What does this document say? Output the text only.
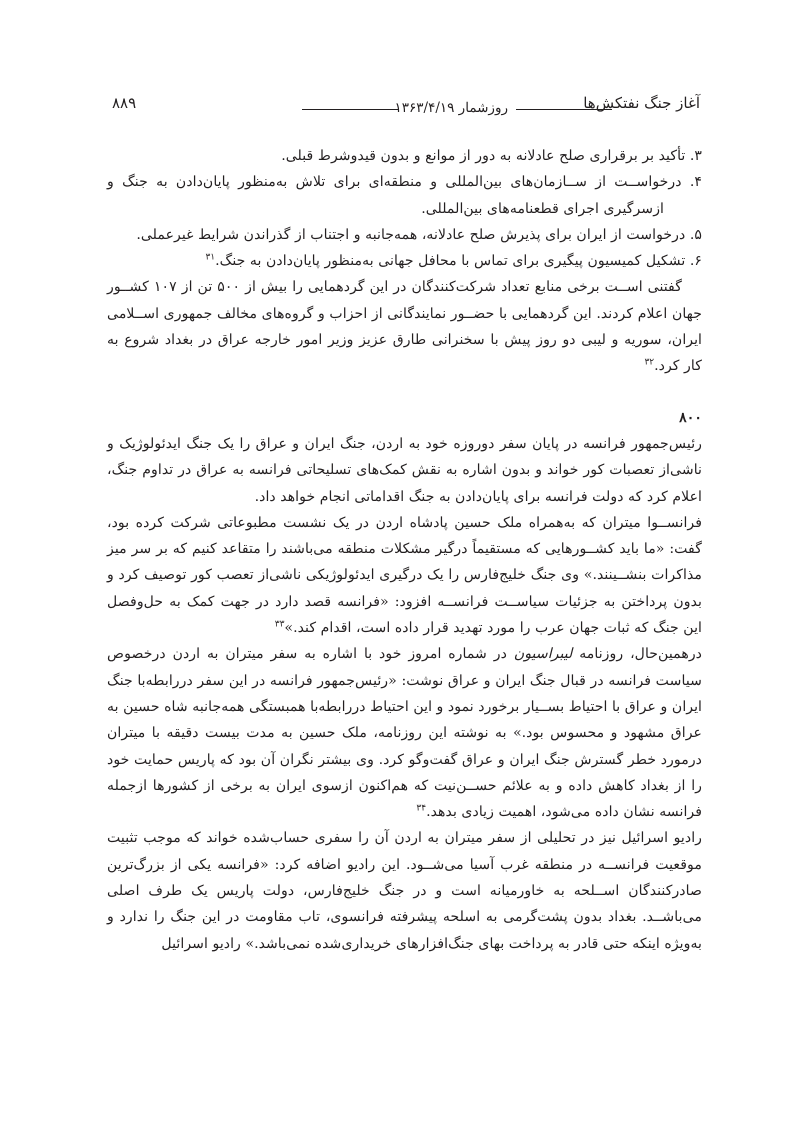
آغاز جنگ نفتکش‌ها
روزشمار ۱۳۶۳/۴/۱۹
۸۸۹

۳. تأکید بر برقراری صلح عادلانه به دور از موانع و بدون قیدوشرط قبلی.

۴. درخواســت از ســازمان‌های بین‌المللی و منطقه‌ای برای تلاش به‌منظور پایان‌دادن به جنگ و ازسرگیری اجرای قطعنامه‌های بین‌المللی.

۵. درخواست از ایران برای پذیرش صلح عادلانه، همه‌جانبه و اجتناب از گذراندن شرایط غیرعملی.

۶. تشکیل کمیسیون پیگیری برای تماس با محافل جهانی به‌منظور پایان‌دادن به جنگ.$^{۳۱}$

گفتنی اســت برخی منابع تعداد شرکت‌کنندگان در این گردهمایی را بیش از ۵۰۰ تن از ۱۰۷ کشــور جهان اعلام کردند. این گردهمایی با حضــور نمایندگانی از احزاب و گروه‌های مخالف جمهوری اســلامی ایران، سوریه و لیبی دو روز پیش با سخنرانی طارق عزیز وزیر امور خارجه عراق در بغداد شروع به کار کرد.$^{۳۲}$

۸۰۰

رئیس‌جمهور فرانسه در پایان سفر دوروزه خود به اردن، جنگ ایران و عراق را یک جنگ ایدئولوژیک و ناشی‌از تعصبات کور خواند و بدون اشاره به نقش کمک‌های تسلیحاتی فرانسه به عراق در تداوم جنگ، اعلام کرد که دولت فرانسه برای پایان‌دادن به جنگ اقداماتی انجام خواهد داد.

فرانســوا میتران که به‌همراه ملک حسین پادشاه اردن در یک نشست مطبوعاتی شرکت کرده بود، گفت: «ما باید کشــورهایی که مستقیماً درگیر مشکلات منطقه می‌باشند را متقاعد کنیم که بر سر میز مذاکرات بنشــینند.» وی جنگ خلیج‌فارس را یک درگیری ایدئولوژیکی ناشی‌از تعصب کور توصیف کرد و بدون پرداختن به جزئیات سیاســت فرانســه افزود: «فرانسه قصد دارد در جهت کمک به حل‌وفصل این جنگ که ثبات جهان عرب را مورد تهدید قرار داده است، اقدام کند.»$^{۳۳}$

درهمین‌حال، روزنامه لیبراسیون در شماره امروز خود با اشاره به سفر میتران به اردن درخصوص سیاست فرانسه در قبال جنگ ایران و عراق نوشت: «رئیس‌جمهور فرانسه در این سفر دررابطه‌با جنگ ایران و عراق با احتیاط بســیار برخورد نمود و این احتیاط دررابطه‌با همبستگی همه‌جانبه شاه حسین به عراق مشهود و محسوس بود.» به نوشته این روزنامه، ملک حسین به مدت بیست دقیقه با میتران درمورد خطر گسترش جنگ ایران و عراق گفت‌وگو کرد. وی بیشتر نگران آن بود که پاریس حمایت خود را از بغداد کاهش داده و به علائم حســن‌نیت که هم‌اکنون ازسوی ایران به برخی از کشورها ازجمله فرانسه نشان داده می‌شود، اهمیت زیادی بدهد.$^{۳۴}$

رادیو اسرائیل نیز در تحلیلی از سفر میتران به اردن آن را سفری حساب‌شده خواند که موجب تثبیت موقعیت فرانســه در منطقه غرب آسیا می‌شــود. این رادیو اضافه کرد: «فرانسه یکی از بزرگ‌ترین صادرکنندگان اســلحه به خاورمیانه است و در جنگ خلیج‌فارس، دولت پاریس یک طرف اصلی می‌باشــد. بغداد بدون پشت‌گرمی به اسلحه پیشرفته فرانسوی، تاب مقاومت در این جنگ را ندارد و به‌ویژه اینکه حتی قادر به پرداخت بهای جنگ‌افزارهای خریداری‌شده نمی‌باشد.» رادیو اسرائیل
